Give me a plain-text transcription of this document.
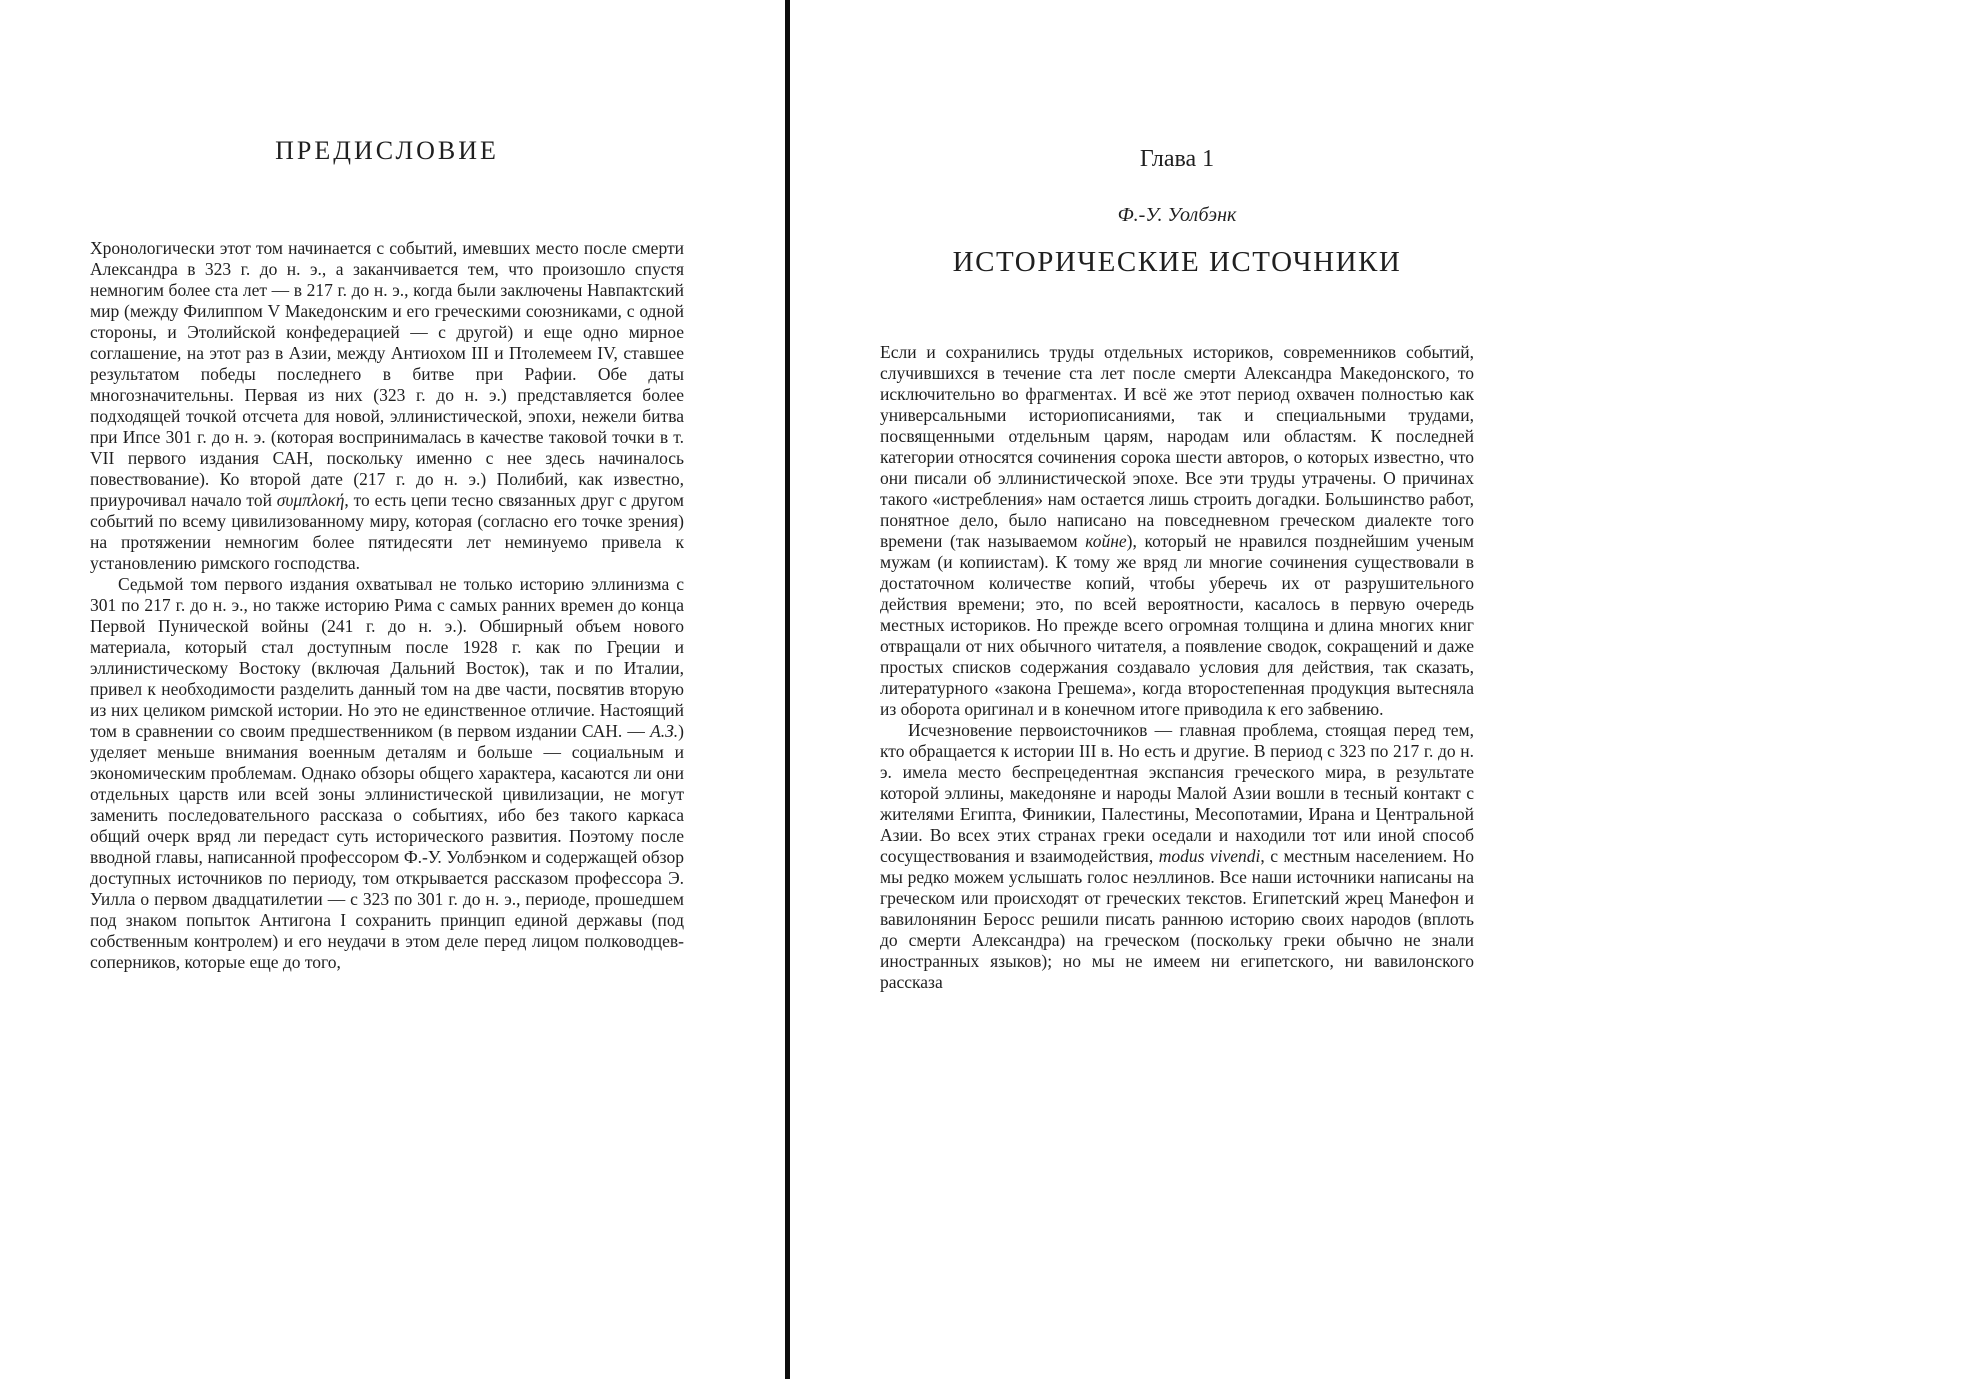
ПРЕДИСЛОВИЕ

Хронологически этот том начинается с событий, имевших место после смерти Александра в 323 г. до н. э., а заканчивается тем, что произошло спустя немногим более ста лет — в 217 г. до н. э., когда были заключены Навпактский мир (между Филиппом V Македонским и его греческими союзниками, с одной стороны, и Этолийской конфедерацией — с другой) и еще одно мирное соглашение, на этот раз в Азии, между Антиохом III и Птолемеем IV, ставшее результатом победы последнего в битве при Рафии. Обе даты многозначительны. Первая из них (323 г. до н. э.) представляется более подходящей точкой отсчета для новой, эллинистической, эпохи, нежели битва при Ипсе 301 г. до н. э. (которая воспринималась в качестве таковой точки в т. VII первого издания САН, поскольку именно с нее здесь начиналось повествование). Ко второй дате (217 г. до н. э.) Полибий, как известно, приурочивал начало той συμπλοκή, то есть цепи тесно связанных друг с другом событий по всему цивилизованному миру, которая (согласно его точке зрения) на протяжении немногим более пятидесяти лет неминуемо привела к установлению римского господства.

Седьмой том первого издания охватывал не только историю эллинизма с 301 по 217 г. до н. э., но также историю Рима с самых ранних времен до конца Первой Пунической войны (241 г. до н. э.). Обширный объем нового материала, который стал доступным после 1928 г. как по Греции и эллинистическому Востоку (включая Дальний Восток), так и по Италии, привел к необходимости разделить данный том на две части, посвятив вторую из них целиком римской истории. Но это не единственное отличие. Настоящий том в сравнении со своим предшественником (в первом издании САН. — А.З.) уделяет меньше внимания военным деталям и больше — социальным и экономическим проблемам. Однако обзоры общего характера, касаются ли они отдельных царств или всей зоны эллинистической цивилизации, не могут заменить последовательного рассказа о событиях, ибо без такого каркаса общий очерк вряд ли передаст суть исторического развития. Поэтому после вводной главы, написанной профессором Ф.-У. Уолбэнком и содержащей обзор доступных источников по периоду, том открывается рассказом профессора Э. Уилла о первом двадцатилетии — с 323 по 301 г. до н. э., периоде, прошедшем под знаком попыток Антигона I сохранить принцип единой державы (под собственным контролем) и его неудачи в этом деле перед лицом полководцев-соперников, которые еще до того,

Глава 1
Ф.-У. Уолбэнк
ИСТОРИЧЕСКИЕ ИСТОЧНИКИ

Если и сохранились труды отдельных историков, современников событий, случившихся в течение ста лет после смерти Александра Македонского, то исключительно во фрагментах. И всё же этот период охвачен полностью как универсальными историописаниями, так и специальными трудами, посвященными отдельным царям, народам или областям. К последней категории относятся сочинения сорока шести авторов, о которых известно, что они писали об эллинистической эпохе. Все эти труды утрачены. О причинах такого «истребления» нам остается лишь строить догадки. Большинство работ, понятное дело, было написано на повседневном греческом диалекте того времени (так называемом койне), который не нравился позднейшим ученым мужам (и копиистам). К тому же вряд ли многие сочинения существовали в достаточном количестве копий, чтобы уберечь их от разрушительного действия времени; это, по всей вероятности, касалось в первую очередь местных историков. Но прежде всего огромная толщина и длина многих книг отвращали от них обычного читателя, а появление сводок, сокращений и даже простых списков содержания создавало условия для действия, так сказать, литературного «закона Грешема», когда второстепенная продукция вытесняла из оборота оригинал и в конечном итоге приводила к его забвению.

Исчезновение первоисточников — главная проблема, стоящая перед тем, кто обращается к истории III в. Но есть и другие. В период с 323 по 217 г. до н. э. имела место беспрецедентная экспансия греческого мира, в результате которой эллины, македоняне и народы Малой Азии вошли в тесный контакт с жителями Египта, Финикии, Палестины, Месопотамии, Ирана и Центральной Азии. Во всех этих странах греки оседали и находили тот или иной способ сосуществования и взаимодействия, modus vivendi, с местным населением. Но мы редко можем услышать голос неэллинов. Все наши источники написаны на греческом или происходят от греческих текстов. Египетский жрец Манефон и вавилонянин Беросс решили писать раннюю историю своих народов (вплоть до смерти Александра) на греческом (поскольку греки обычно не знали иностранных языков); но мы не имеем ни египетского, ни вавилонского рассказа
